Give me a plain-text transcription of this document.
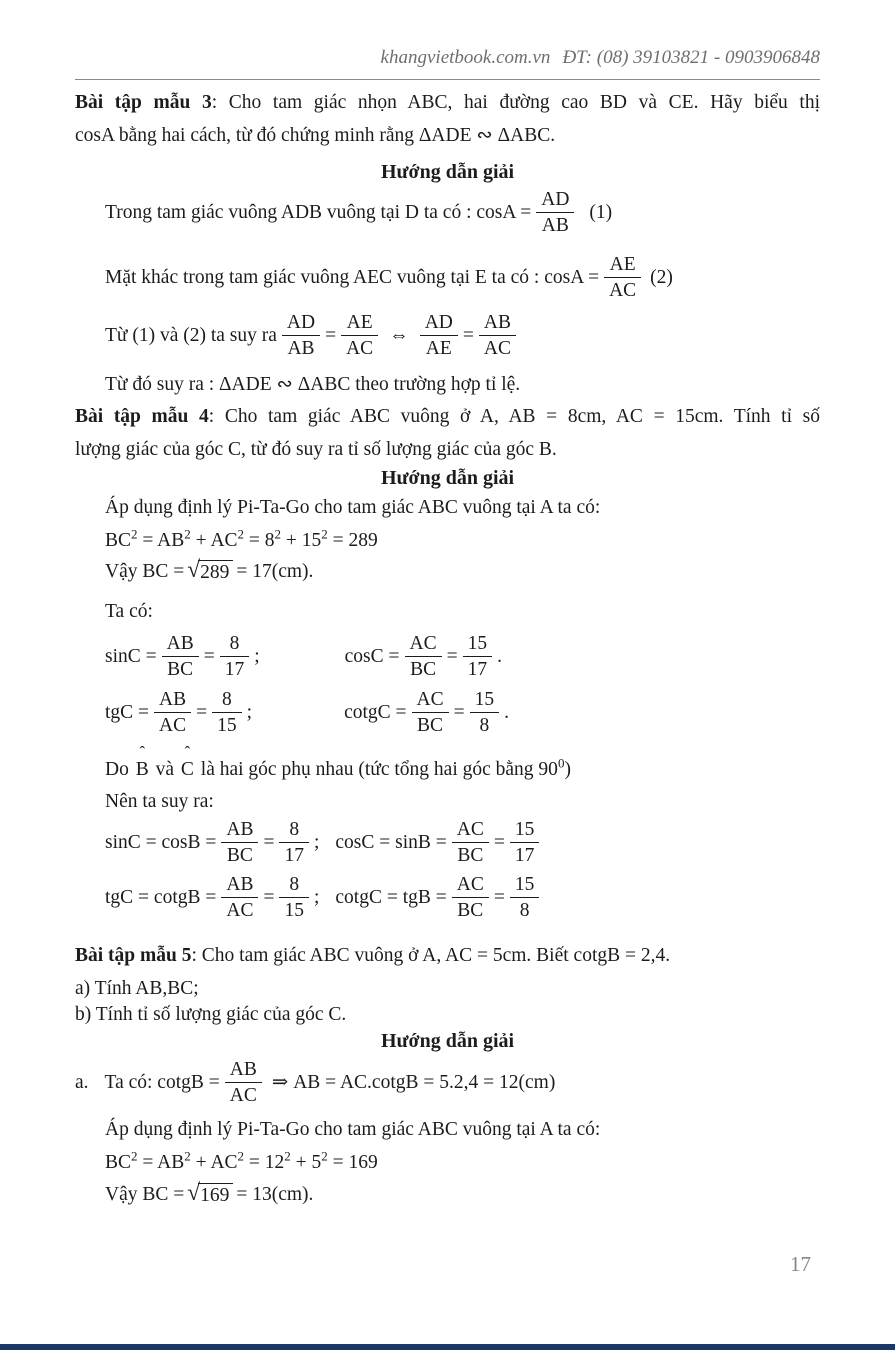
khangvietbook.com.vn ĐT: (08) 39103821 - 0903906848
Bài tập mẫu 3: Cho tam giác nhọn ABC, hai đường cao BD và CE. Hãy biểu thị
cosA bằng hai cách, từ đó chứng minh rằng ΔADE ∾ ΔABC.
Hướng dẫn giải
Trong tam giác vuông ADB vuông tại D ta có : $\cos A = \frac{AD}{AB} (1)$
Mặt khác trong tam giác vuông AEC vuông tại E ta có : $\cos A = \frac{AE}{AC} (2)$
Từ (1) và (2) ta suy ra $\frac{AD}{AB} = \frac{AE}{AC}$ ⇔ $\frac{AD}{AE} = \frac{AB}{AC}$
Từ đó suy ra : ΔADE ∾ ΔABC theo trường hợp tỉ lệ.
Bài tập mẫu 4: Cho tam giác ABC vuông ở A, AB = 8cm, AC = 15cm. Tính tỉ số
lượng giác của góc C, từ đó suy ra tỉ số lượng giác của góc B.
Hướng dẫn giải
Áp dụng định lý Pi-Ta-Go cho tam giác ABC vuông tại A ta có:
$BC^2 = AB^2 + AC^2 = 8^2 + 15^2 = 289$
Vậy BC = √ 289 = 17(cm).
Ta có:
$\sin C = \frac{AB}{BC} = \frac{8}{17}$ ;	$\cos C = \frac{AC}{BC} = \frac{15}{17}$ .
tgC = $\frac{AB}{AC} = \frac{8}{15}$ ;	cotgC = $\frac{AC}{BC} = \frac{15}{8}$ .
Do
ˆ
B và
ˆ
C là hai góc phụ nhau (tức tổng hai góc bằng $90^0$)
Nên ta suy ra:
$\sin C = \cos B = \frac{AB}{BC} = \frac{8}{17}$ ; $\cos C = \sin B = \frac{AC}{BC} = \frac{15}{17}$
tgC = cotgB = $\frac{AB}{AC} = \frac{8}{15}$ ; cotgC = tgB = $\frac{AC}{BC} = \frac{15}{8}$
Bài tập mẫu 5: Cho tam giác ABC vuông ở A, AC = 5cm. Biết cotgB = 2,4.
a) Tính AB,BC;
b) Tính tỉ số lượng giác của góc C.
Hướng dẫn giải
a. Ta có: cotgB = $\frac{AB}{AC}$ ⇒ AB = AC.cotgB = 5.2,4 = 12(cm)
Áp dụng định lý Pi-Ta-Go cho tam giác ABC vuông tại A ta có:
$BC^2 = AB^2 + AC^2 = 12^2 + 5^2 = 169$
Vậy BC = √ 169 = 13(cm).
17
